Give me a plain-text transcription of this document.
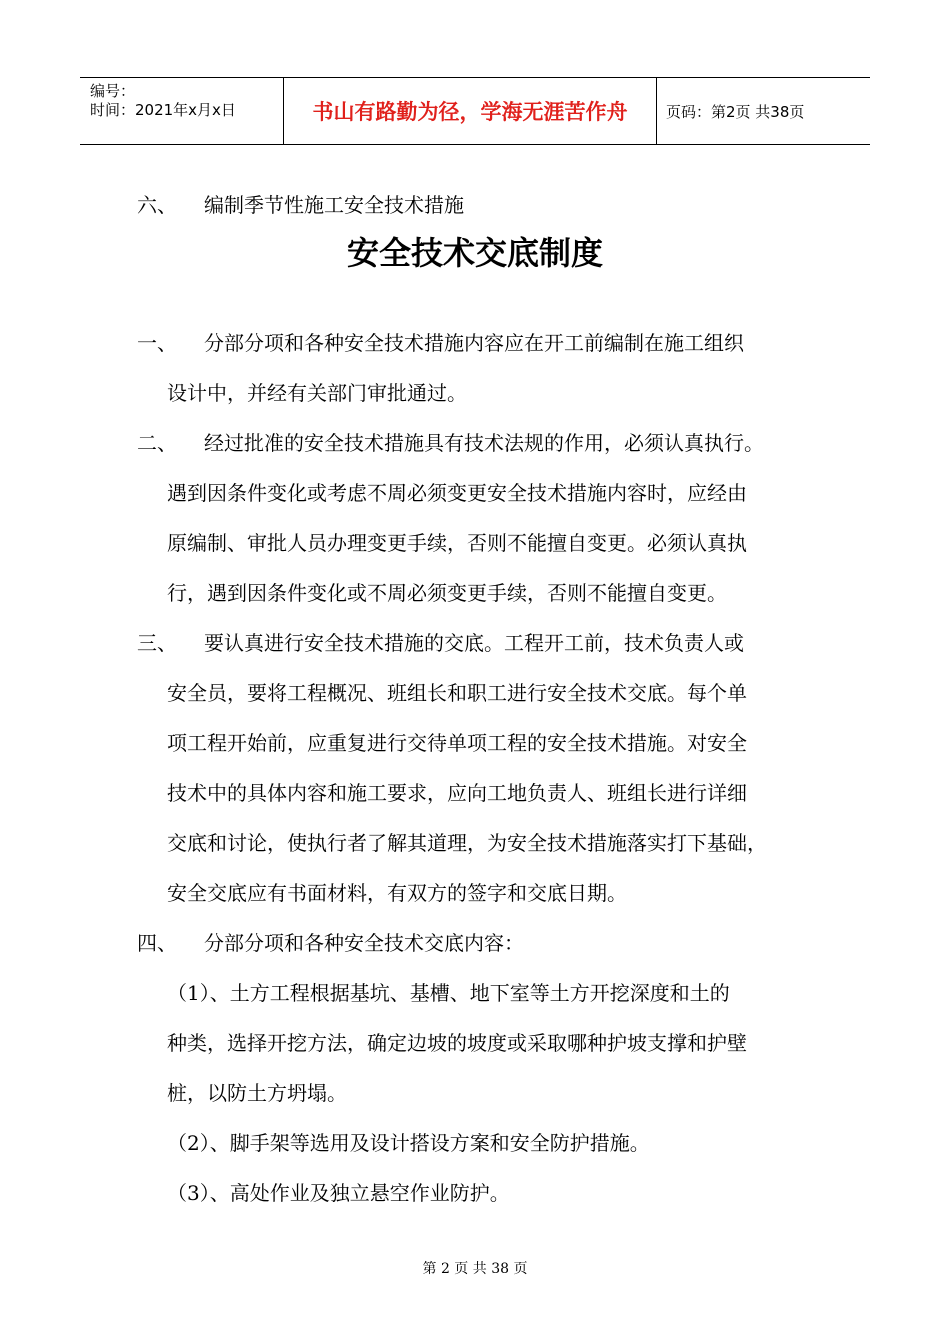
编号：
时间：2021年x月x日	书山有路勤为径，学海无涯苦作舟	页码：第2页 共38页
六、 编制季节性施工安全技术措施
安全技术交底制度
一、 分部分项和各种安全技术措施内容应在开工前编制在施工组织
设计中，并经有关部门审批通过。
二、 经过批准的安全技术措施具有技术法规的作用，必须认真执行。
遇到因条件变化或考虑不周必须变更安全技术措施内容时，应经由
原编制、审批人员办理变更手续，否则不能擅自变更。必须认真执
行，遇到因条件变化或不周必须变更手续，否则不能擅自变更。
三、 要认真进行安全技术措施的交底。工程开工前，技术负责人或
安全员，要将工程概况、班组长和职工进行安全技术交底。每个单
项工程开始前，应重复进行交待单项工程的安全技术措施。对安全
技术中的具体内容和施工要求，应向工地负责人、班组长进行详细
交底和讨论，使执行者了解其道理，为安全技术措施落实打下基础，
安全交底应有书面材料，有双方的签字和交底日期。
四、 分部分项和各种安全技术交底内容：
（1）、土方工程根据基坑、基槽、地下室等土方开挖深度和土的
种类，选择开挖方法，确定边坡的坡度或采取哪种护坡支撑和护壁
桩，以防土方坍塌。
（2）、脚手架等选用及设计搭设方案和安全防护措施。
（3）、高处作业及独立悬空作业防护。
第 2 页 共 38 页
